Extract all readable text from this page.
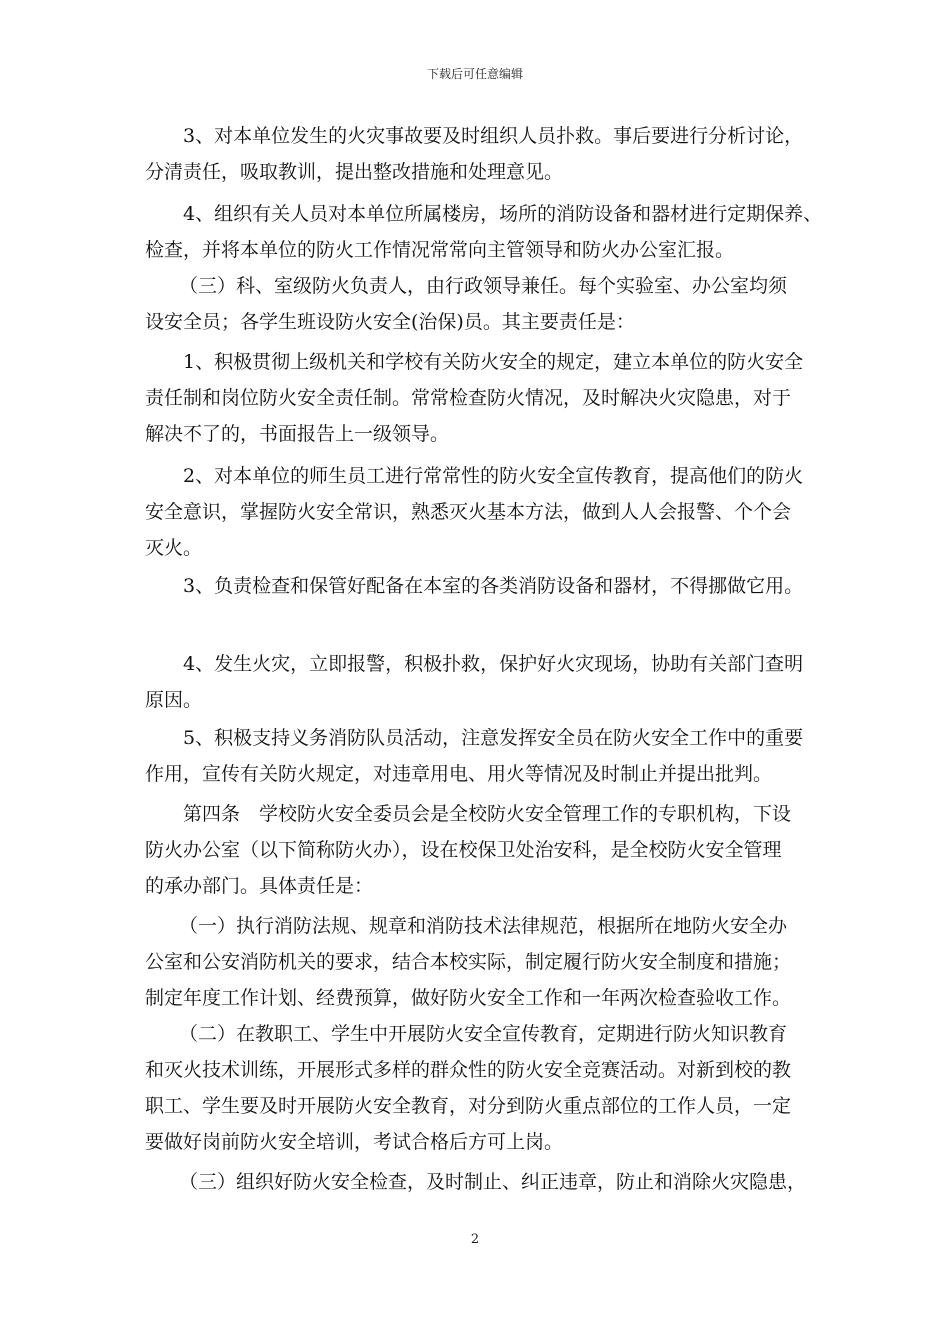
下载后可任意编辑
3、对本单位发生的火灾事故要及时组织人员扑救。事后要进行分析讨论，
分清责任，吸取教训，提出整改措施和处理意见。
4、组织有关人员对本单位所属楼房，场所的消防设备和器材进行定期保养、
检查，并将本单位的防火工作情况常常向主管领导和防火办公室汇报。
（三）科、室级防火负责人，由行政领导兼任。每个实验室、办公室均须
设安全员；各学生班设防火安全(治保)员。其主要责任是：
1、积极贯彻上级机关和学校有关防火安全的规定，建立本单位的防火安全
责任制和岗位防火安全责任制。常常检查防火情况，及时解决火灾隐患，对于
解决不了的，书面报告上一级领导。
2、对本单位的师生员工进行常常性的防火安全宣传教育，提高他们的防火
安全意识，掌握防火安全常识，熟悉灭火基本方法，做到人人会报警、个个会
灭火。
3、负责检查和保管好配备在本室的各类消防设备和器材，不得挪做它用。
4、发生火灾，立即报警，积极扑救，保护好火灾现场，协助有关部门查明
原因。
5、积极支持义务消防队员活动，注意发挥安全员在防火安全工作中的重要
作用，宣传有关防火规定，对违章用电、用火等情况及时制止并提出批判。
第四条　学校防火安全委员会是全校防火安全管理工作的专职机构，下设
防火办公室（以下简称防火办），设在校保卫处治安科，是全校防火安全管理
的承办部门。具体责任是：
（一）执行消防法规、规章和消防技术法律规范，根据所在地防火安全办
公室和公安消防机关的要求，结合本校实际，制定履行防火安全制度和措施；
制定年度工作计划、经费预算，做好防火安全工作和一年两次检查验收工作。
（二）在教职工、学生中开展防火安全宣传教育，定期进行防火知识教育
和灭火技术训练，开展形式多样的群众性的防火安全竞赛活动。对新到校的教
职工、学生要及时开展防火安全教育，对分到防火重点部位的工作人员，一定
要做好岗前防火安全培训，考试合格后方可上岗。
（三）组织好防火安全检查，及时制止、纠正违章，防止和消除火灾隐患，
2
